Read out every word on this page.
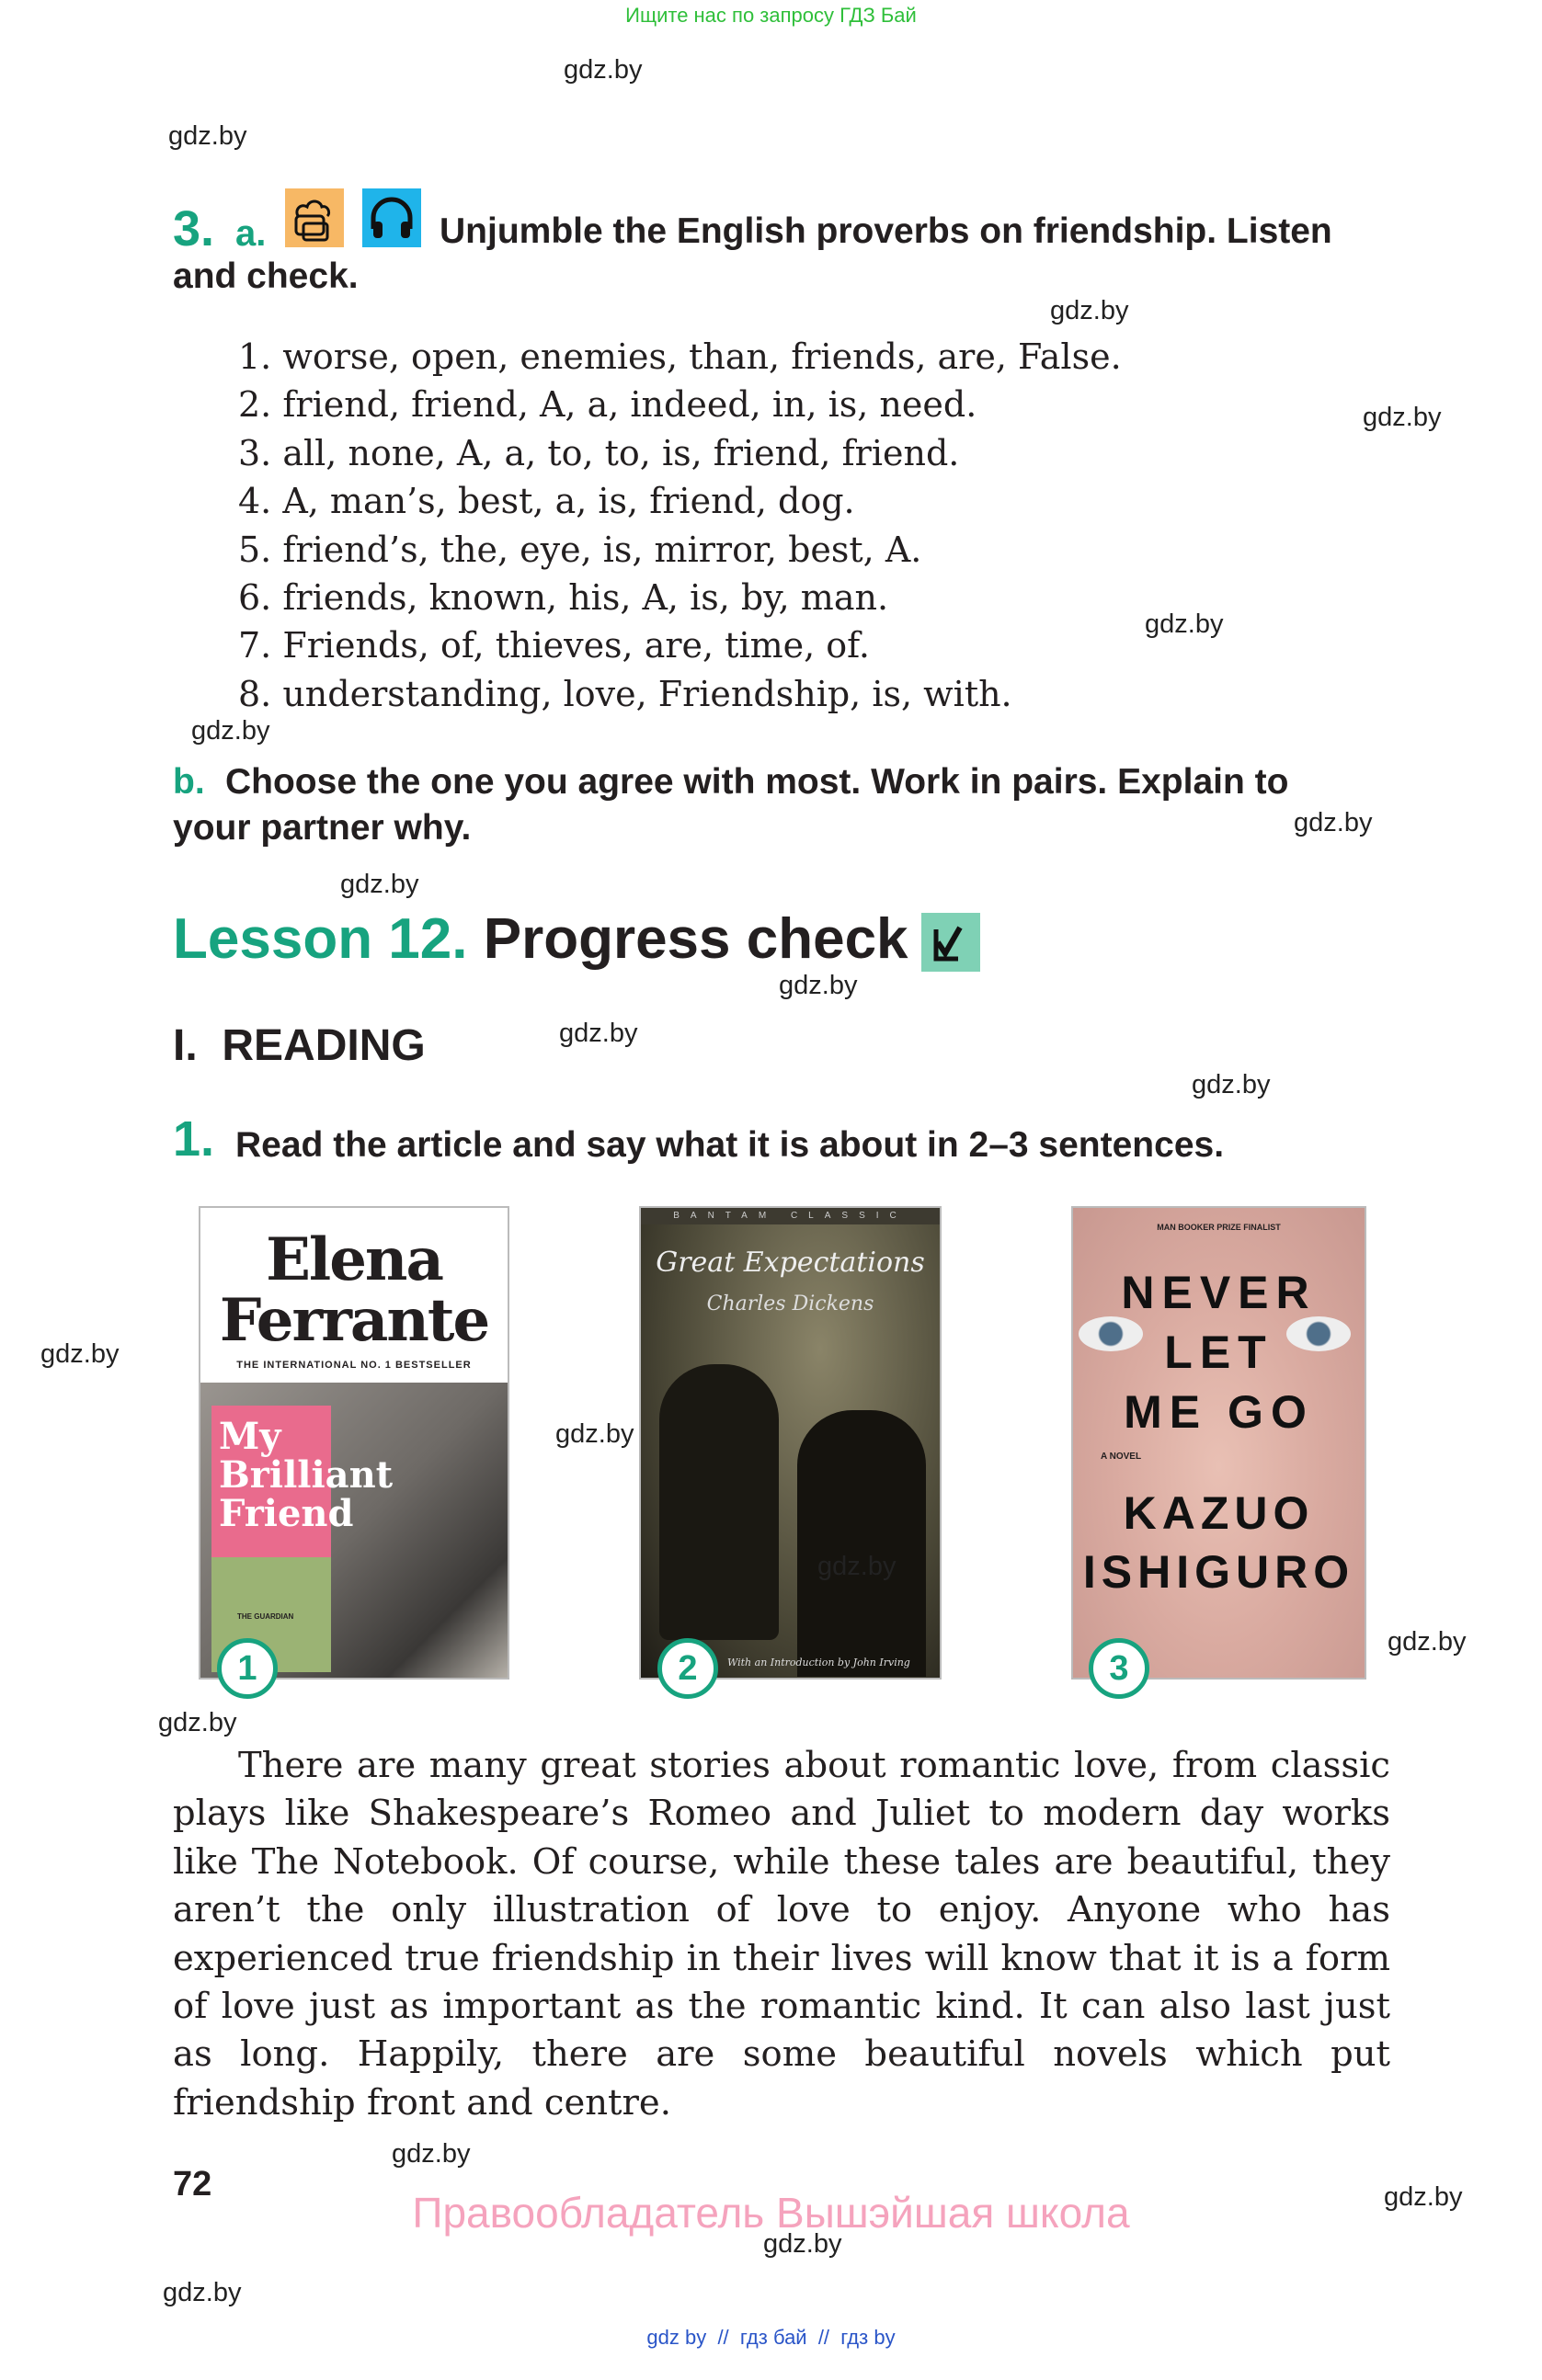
Ищите нас по запросу ГДЗ Бай
gdz.by
gdz.by
gdz.by
gdz.by
gdz.by
gdz.by
gdz.by
gdz.by
gdz.by
gdz.by
gdz.by
gdz.by
gdz.by
gdz.by
gdz.by
gdz.by
gdz.by
gdz.by
gdz.by
gdz.by
3. a.	Unjumble the English proverbs on friendship. Listen
and check.
1. worse, open, enemies, than, friends, are, False.
2. friend, friend, A, a, indeed, in, is, need.
3. all, none, A, a, to, to, is, friend, friend.
4. A, man’s, best, a, is, friend, dog.
5. friend’s, the, eye, is, mirror, best, A.
6. friends, known, his, A, is, by, man.
7. Friends, of, thieves, are, time, of.
8. understanding, love, Friendship, is, with.
b. Choose the one you agree with most. Work in pairs. Explain to
your partner why.
Lesson 12. Progress check
I.  READING
1. Read the article and say what it is about in 2–3 sentences.
Elena
Ferrante
THE INTERNATIONAL NO. 1 BESTSELLER
My
Brilliant
Friend
THE GUARDIAN
1
BANTAM CLASSIC
Great Expectations
Charles Dickens
With an Introduction by John Irving
2
MAN BOOKER PRIZE FINALIST
NEVER
LET
ME GO
A NOVEL
KAZUO
ISHIGURO
3
There are many great stories about romantic love, from classic plays like Shakespeare’s Romeo and Juliet to modern day works like The Notebook. Of course, while these tales are beautiful, they aren’t the only illustration of love to enjoy. Anyone who has experienced true friendship in their lives will know that it is a form of love just as important as the romantic kind. It can also last just as long. Happily, there are some beautiful novels which put friendship front and centre.
72
Правообладатель Вышэйшая школа
gdz by  //  гдз бай  //  гдз by
